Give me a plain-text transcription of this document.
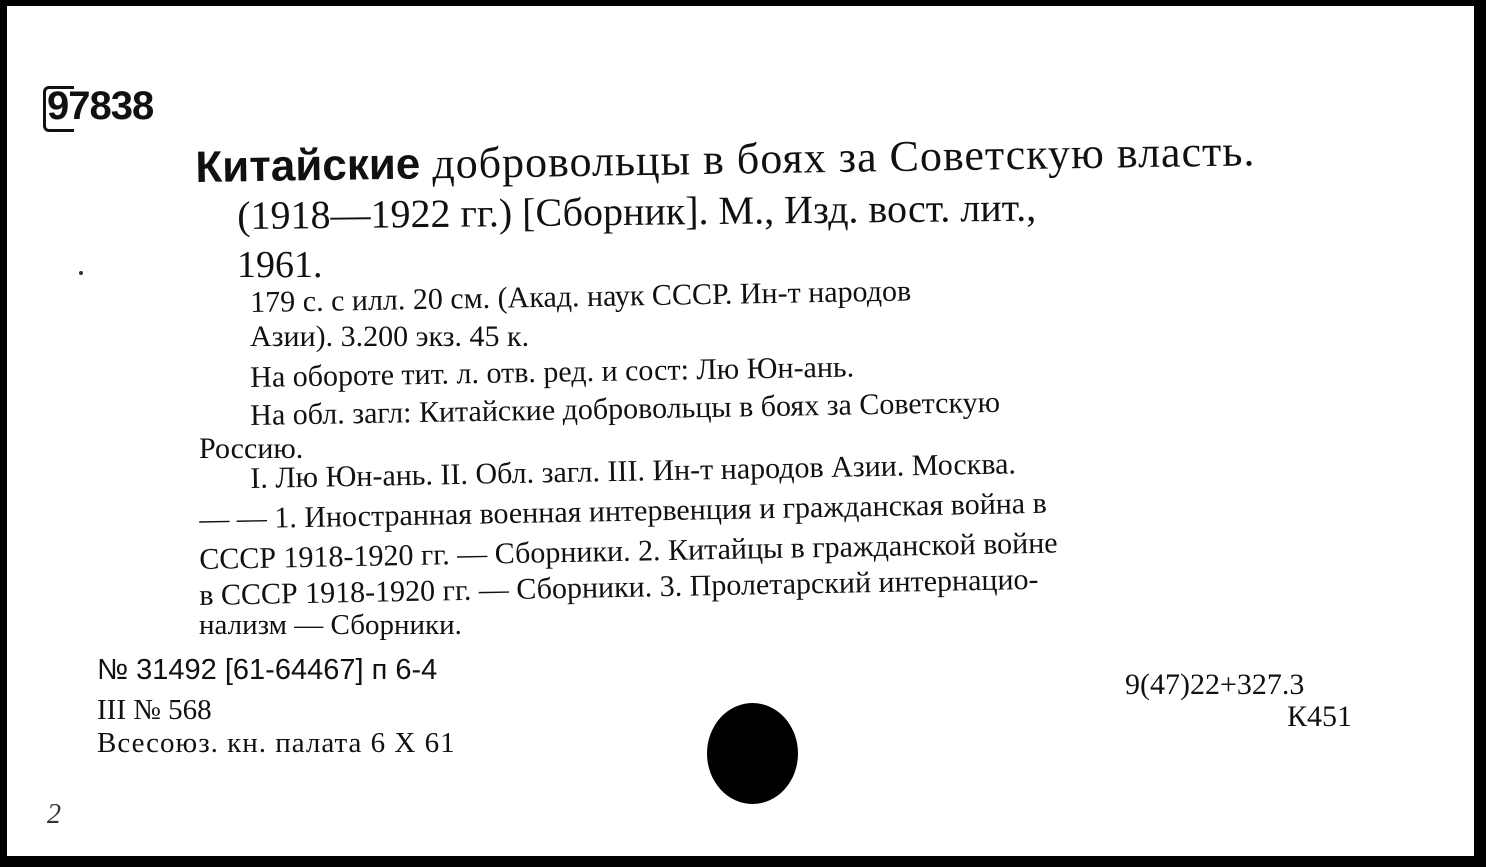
97838

Китайские добровольцы в боях за Советскую власть.

(1918—1922 гг.) [Сборник]. М., Изд. вост. лит.,

1961.

179 с. с илл. 20 см. (Акад. наук СССР. Ин-т народов

Азии). 3.200 экз. 45 к.

На обороте тит. л. отв. ред. и сост: Лю Юн-ань.

На обл. загл: Китайские добровольцы в боях за Советскую

Россию.

I. Лю Юн-ань. II. Обл. загл. III. Ин-т народов Азии. Москва.

— — 1. Иностранная военная интервенция и гражданская война в

СССР 1918-1920 гг. — Сборники. 2. Китайцы в гражданской войне

в СССР 1918-1920 гг. — Сборники. 3. Пролетарский интернацио-

нализм — Сборники.

№ 31492 [61-64467] п 6-4

III № 568

Всесоюз. кн. палата 6 X 61

9(47)22+327.3

К451

2
